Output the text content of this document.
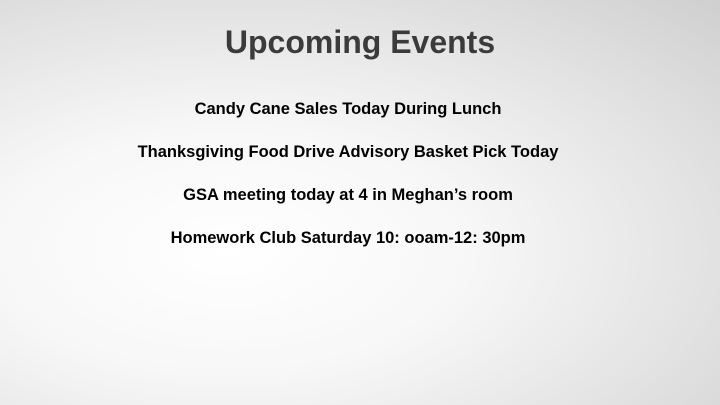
Upcoming Events
Candy Cane Sales Today During Lunch
Thanksgiving Food Drive Advisory Basket Pick Today
GSA meeting today at 4 in Meghan’s room
Homework Club Saturday 10: ooam-12: 30pm
